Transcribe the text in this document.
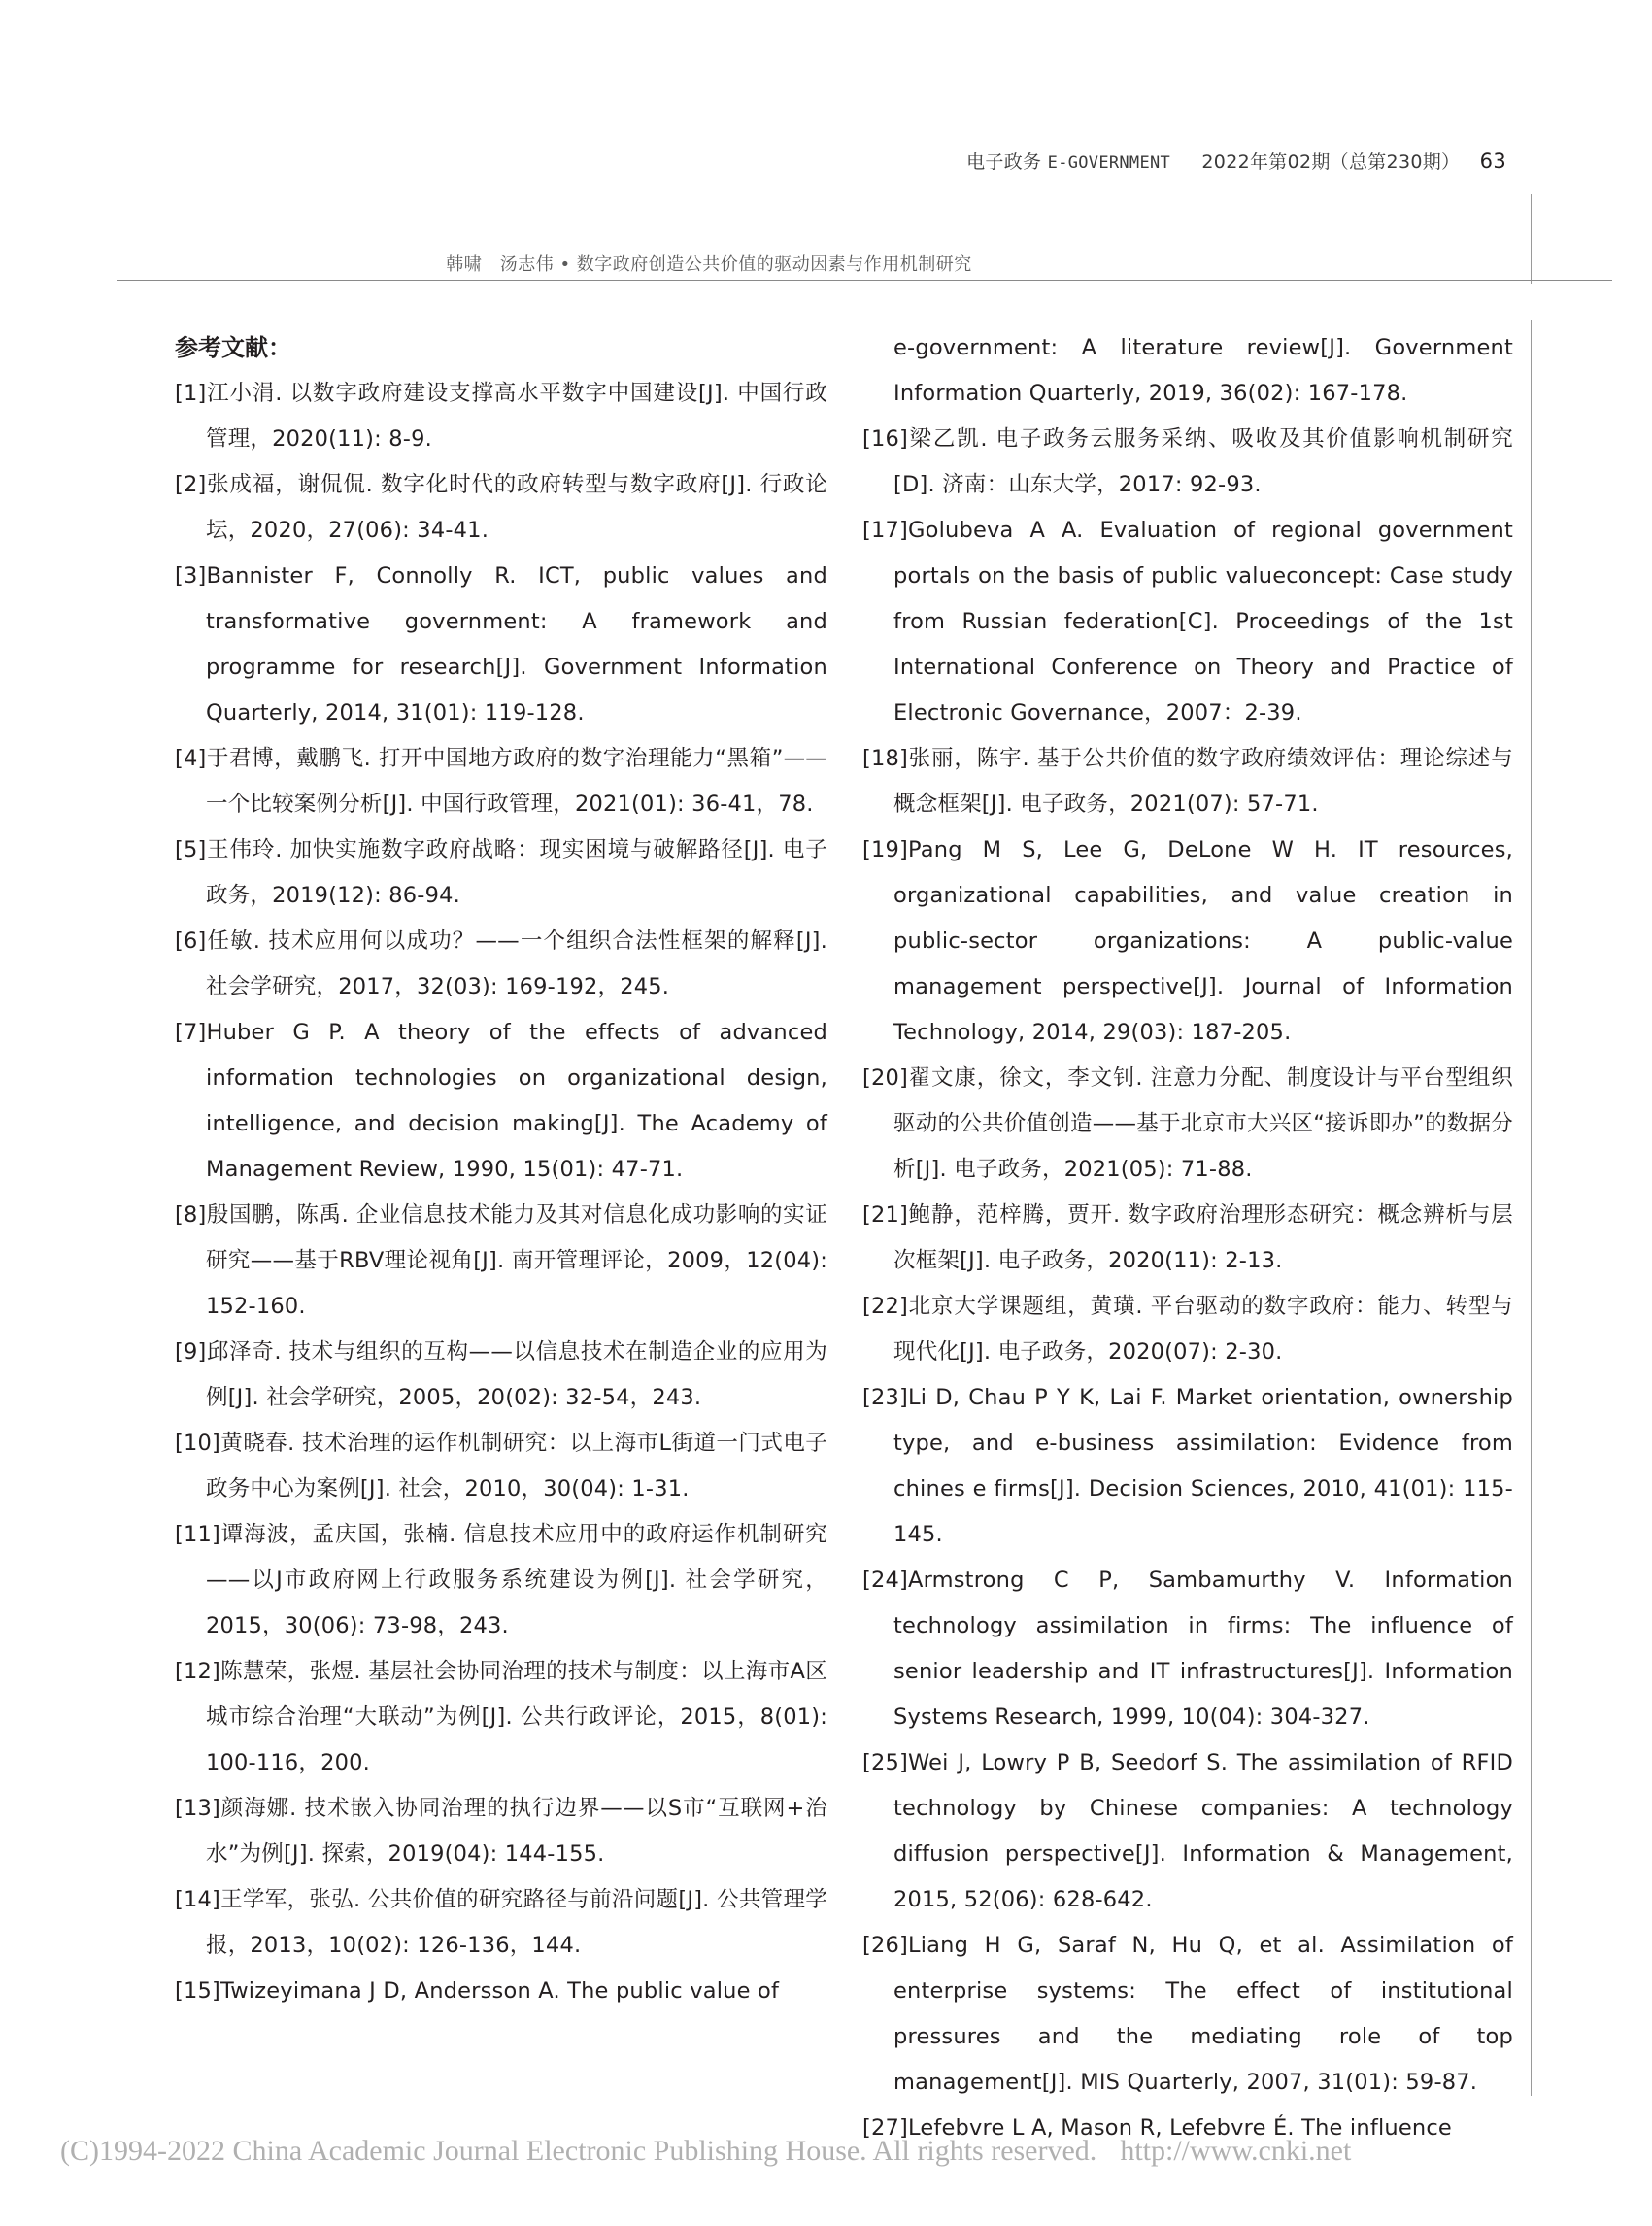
电子政务 E-GOVERNMENT 2022年第02期（总第230期） 63
韩啸　汤志伟 • 数字政府创造公共价值的驱动因素与作用机制研究

参考文献：

[1]江小涓. 以数字政府建设支撑高水平数字中国建设[J]. 中国行政管理，2020(11): 8-9.

[2]张成福，谢侃侃. 数字化时代的政府转型与数字政府[J]. 行政论坛，2020，27(06): 34-41.

[3]Bannister F, Connolly R. ICT, public values and transformative government: A framework and programme for research[J]. Government Information Quarterly, 2014, 31(01): 119-128.

[4]于君博，戴鹏飞. 打开中国地方政府的数字治理能力“黑箱”——一个比较案例分析[J]. 中国行政管理，2021(01): 36-41，78.

[5]王伟玲. 加快实施数字政府战略：现实困境与破解路径[J]. 电子政务，2019(12): 86-94.

[6]任敏. 技术应用何以成功？——一个组织合法性框架的解释[J]. 社会学研究，2017，32(03): 169-192，245.

[7]Huber G P. A theory of the effects of advanced information technologies on organizational design, intelligence, and decision making[J]. The Academy of Management Review, 1990, 15(01): 47-71.

[8]殷国鹏，陈禹. 企业信息技术能力及其对信息化成功影响的实证研究——基于RBV理论视角[J]. 南开管理评论，2009，12(04): 152-160.

[9]邱泽奇. 技术与组织的互构——以信息技术在制造企业的应用为例[J]. 社会学研究，2005，20(02): 32-54，243.

[10]黄晓春. 技术治理的运作机制研究：以上海市L街道一门式电子政务中心为案例[J]. 社会，2010，30(04): 1-31.

[11]谭海波，孟庆国，张楠. 信息技术应用中的政府运作机制研究——以J市政府网上行政服务系统建设为例[J]. 社会学研究，2015，30(06): 73-98，243.

[12]陈慧荣，张煜. 基层社会协同治理的技术与制度：以上海市A区城市综合治理“大联动”为例[J]. 公共行政评论，2015，8(01): 100-116，200.

[13]颜海娜. 技术嵌入协同治理的执行边界——以S市“互联网+治水”为例[J]. 探索，2019(04): 144-155.

[14]王学军，张弘. 公共价值的研究路径与前沿问题[J]. 公共管理学报，2013，10(02): 126-136，144.

[15]Twizeyimana J D, Andersson A. The public value of

e-government: A literature review[J]. Government Information Quarterly, 2019, 36(02): 167-178.

[16]梁乙凯. 电子政务云服务采纳、吸收及其价值影响机制研究[D]. 济南：山东大学，2017: 92-93.

[17]Golubeva A A. Evaluation of regional government portals on the basis of public valueconcept: Case study from Russian federation[C]. Proceedings of the 1st International Conference on Theory and Practice of Electronic Governance，2007：2-39.

[18]张丽，陈宇. 基于公共价值的数字政府绩效评估：理论综述与概念框架[J]. 电子政务，2021(07): 57-71.

[19]Pang M S, Lee G, DeLone W H. IT resources, organizational capabilities, and value creation in public-sector organizations: A public-value management perspective[J]. Journal of Information Technology, 2014, 29(03): 187-205.

[20]翟文康，徐文，李文钊. 注意力分配、制度设计与平台型组织驱动的公共价值创造——基于北京市大兴区“接诉即办”的数据分析[J]. 电子政务，2021(05): 71-88.

[21]鲍静，范梓腾，贾开. 数字政府治理形态研究：概念辨析与层次框架[J]. 电子政务，2020(11): 2-13.

[22]北京大学课题组，黄璜. 平台驱动的数字政府：能力、转型与现代化[J]. 电子政务，2020(07): 2-30.

[23]Li D, Chau P Y K, Lai F. Market orientation, ownership type, and e-business assimilation: Evidence from chines e firms[J]. Decision Sciences, 2010, 41(01): 115-145.

[24]Armstrong C P, Sambamurthy V. Information technology assimilation in firms: The influence of senior leadership and IT infrastructures[J]. Information Systems Research, 1999, 10(04): 304-327.

[25]Wei J, Lowry P B, Seedorf S. The assimilation of RFID technology by Chinese companies: A technology diffusion perspective[J]. Information & Management, 2015, 52(06): 628-642.

[26]Liang H G, Saraf N, Hu Q, et al. Assimilation of enterprise systems: The effect of institutional pressures and the mediating role of top management[J]. MIS Quarterly, 2007, 31(01): 59-87.

[27]Lefebvre L A, Mason R, Lefebvre É. The influence

(C)1994-2022 China Academic Journal Electronic Publishing House. All rights reserved. http://www.cnki.net
